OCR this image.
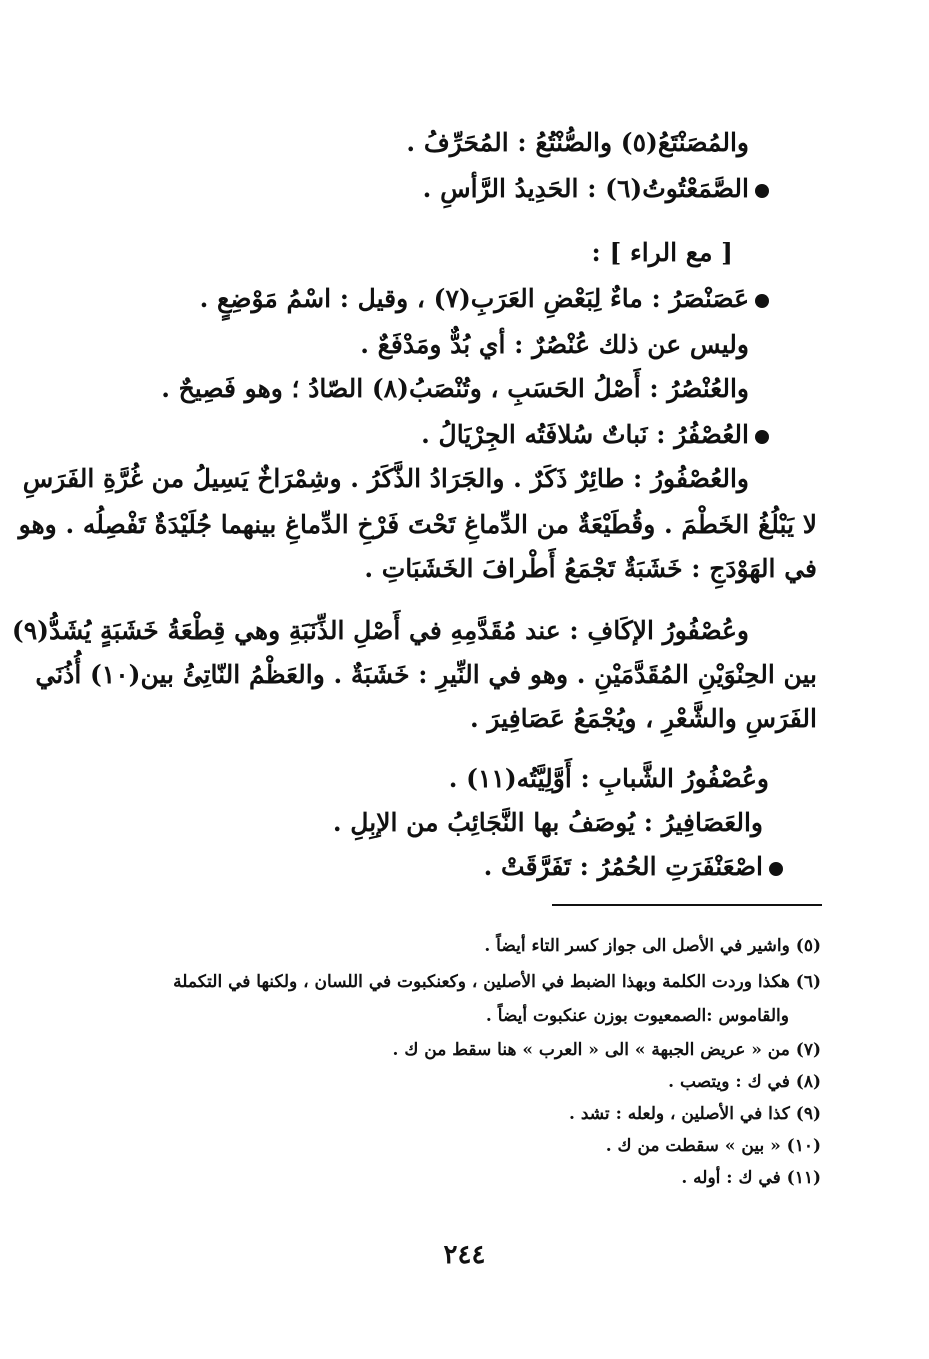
والمُصَنْتَعُ(٥) والصُّنْتُعُ : المُحَرِّفُ .
الصَّمَعْتُوتُ(٦) : الحَدِيدُ الرَّأسِ .
[ مع الراء ] :
عَصَنْصَرُ : ماءٌ لِبَعْضِ العَرَبِ(٧) ، وقيل : اسْمُ مَوْضِعٍ .
وليس عن ذلك عُنْصُرٌ : أي بُدٌّ ومَدْفَعٌ .
والعُنْصُرُ : أَصْلُ الحَسَبِ ، وتُنْصَبُ(٨) الصّادُ ؛ وهو فَصِيحٌ .
العُصْفُرُ : نَباتٌ سُلافَتُه الجِرْيَالُ .
والعُصْفُورُ : طائِرٌ ذَكَرٌ . والجَرَادُ الذَّكَرُ . وشِمْرَاخٌ يَسِيلُ من غُرَّةِ الفَرَسِ
لا يَبْلُغُ الخَطْمَ . وقُطَيْعَةٌ من الدِّماغِ تَحْتَ فَرْخِ الدِّماغِ بينهما جُلَيْدَةٌ تَفْصِلُه . وهو
في الهَوْدَجِ : خَشَبَةٌ تَجْمَعُ أَطْرافَ الخَشَبَاتِ .
وعُصْفُورُ الإكَافِ : عند مُقَدَّمِهِ في أَصْلِ الذِّنَبَةِ وهي قِطْعَةُ خَشَبَةٍ يُشَدُّ(٩)
بين الحِنْوَيْنِ المُقَدَّمَيْنِ . وهو في النِّيرِ : خَشَبَةٌ . والعَظْمُ النّاتِئُ بين(١٠) أُذُنَي
الفَرَسِ والشَّعْرِ ، ويُجْمَعُ عَصَافِيرَ .
وعُصْفُورُ الشَّبابِ : أَوَّلِيَّتُه(١١) .
والعَصَافِيرُ : يُوصَفُ بها النَّجَائِبُ من الإبِلِ .
اصْعَنْفَرَتِ الحُمُرُ : تَفَرَّقَتْ .
(٥) واشير في الأصل الى جواز كسر التاء أيضاً .
(٦) هكذا وردت الكلمة وبهذا الضبط في الأصلين ، وكعنكبوت في اللسان ، ولكنها في التكملة
والقاموس :الصمعيوت بوزن عنكبوت أيضاً .
(٧) من « عريض الجبهة » الى « العرب » هنا سقط من ك .
(٨) في ك : ويتصب .
(٩) كذا في الأصلين ، ولعله : تشد .
(١٠) « بين » سقطت من ك .
(١١) في ك : أوله .
٢٤٤
